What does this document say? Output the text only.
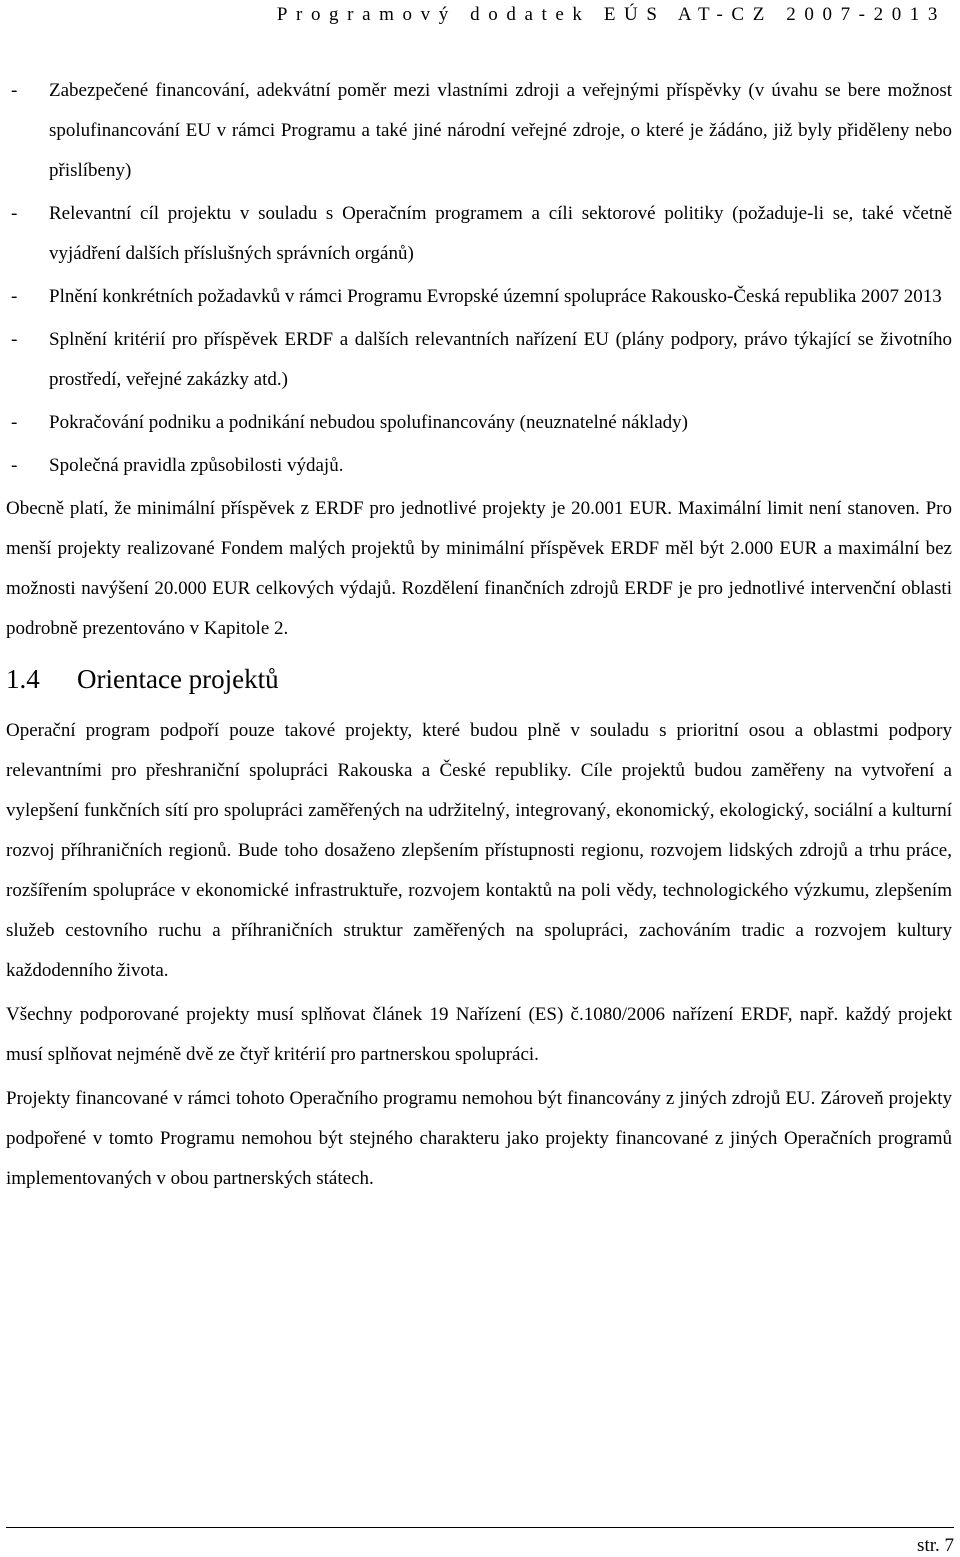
Programový dodatek EÚS AT-CZ 2007-2013
- Zabezpečené financování, adekvátní poměr mezi vlastními zdroji a veřejnými příspěvky (v úvahu se bere možnost spolufinancování EU v rámci Programu a také jiné národní veřejné zdroje, o které je žádáno, již byly přiděleny nebo přislíbeny)
- Relevantní cíl projektu v souladu s Operačním programem a cíli sektorové politiky (požaduje-li se, také včetně vyjádření dalších příslušných správních orgánů)
- Plnění konkrétních požadavků v rámci Programu Evropské územní spolupráce Rakousko-Česká republika 2007 2013
- Splnění kritérií pro příspěvek ERDF a dalších relevantních nařízení EU (plány podpory, právo týkající se životního prostředí, veřejné zakázky atd.)
- Pokračování podniku a podnikání nebudou spolufinancovány (neuznatelné náklady)
- Společná pravidla způsobilosti výdajů.

Obecně platí, že minimální příspěvek z ERDF pro jednotlivé projekty je 20.001 EUR. Maximální limit není stanoven. Pro menší projekty realizované Fondem malých projektů by minimální příspěvek ERDF měl být 2.000 EUR a maximální bez možnosti navýšení 20.000 EUR celkových výdajů. Rozdělení finančních zdrojů ERDF je pro jednotlivé intervenční oblasti podrobně prezentováno v Kapitole 2.

1.4 Orientace projektů

Operační program podpoří pouze takové projekty, které budou plně v souladu s prioritní osou a oblastmi podpory relevantními pro přeshraniční spolupráci Rakouska a České republiky. Cíle projektů budou zaměřeny na vytvoření a vylepšení funkčních sítí pro spolupráci zaměřených na udržitelný, integrovaný, ekonomický, ekologický, sociální a kulturní rozvoj příhraničních regionů. Bude toho dosaženo zlepšením přístupnosti regionu, rozvojem lidských zdrojů a trhu práce, rozšířením spolupráce v ekonomické infrastruktuře, rozvojem kontaktů na poli vědy, technologického výzkumu, zlepšením služeb cestovního ruchu a příhraničních struktur zaměřených na spolupráci, zachováním tradic a rozvojem kultury každodenního života.

Všechny podporované projekty musí splňovat článek 19 Nařízení (ES) č.1080/2006 nařízení ERDF, např. každý projekt musí splňovat nejméně dvě ze čtyř kritérií pro partnerskou spolupráci.

Projekty financované v rámci tohoto Operačního programu nemohou být financovány z jiných zdrojů EU. Zároveň projekty podpořené v tomto Programu nemohou být stejného charakteru jako projekty financované z jiných Operačních programů implementovaných v obou partnerských státech.

str. 7
